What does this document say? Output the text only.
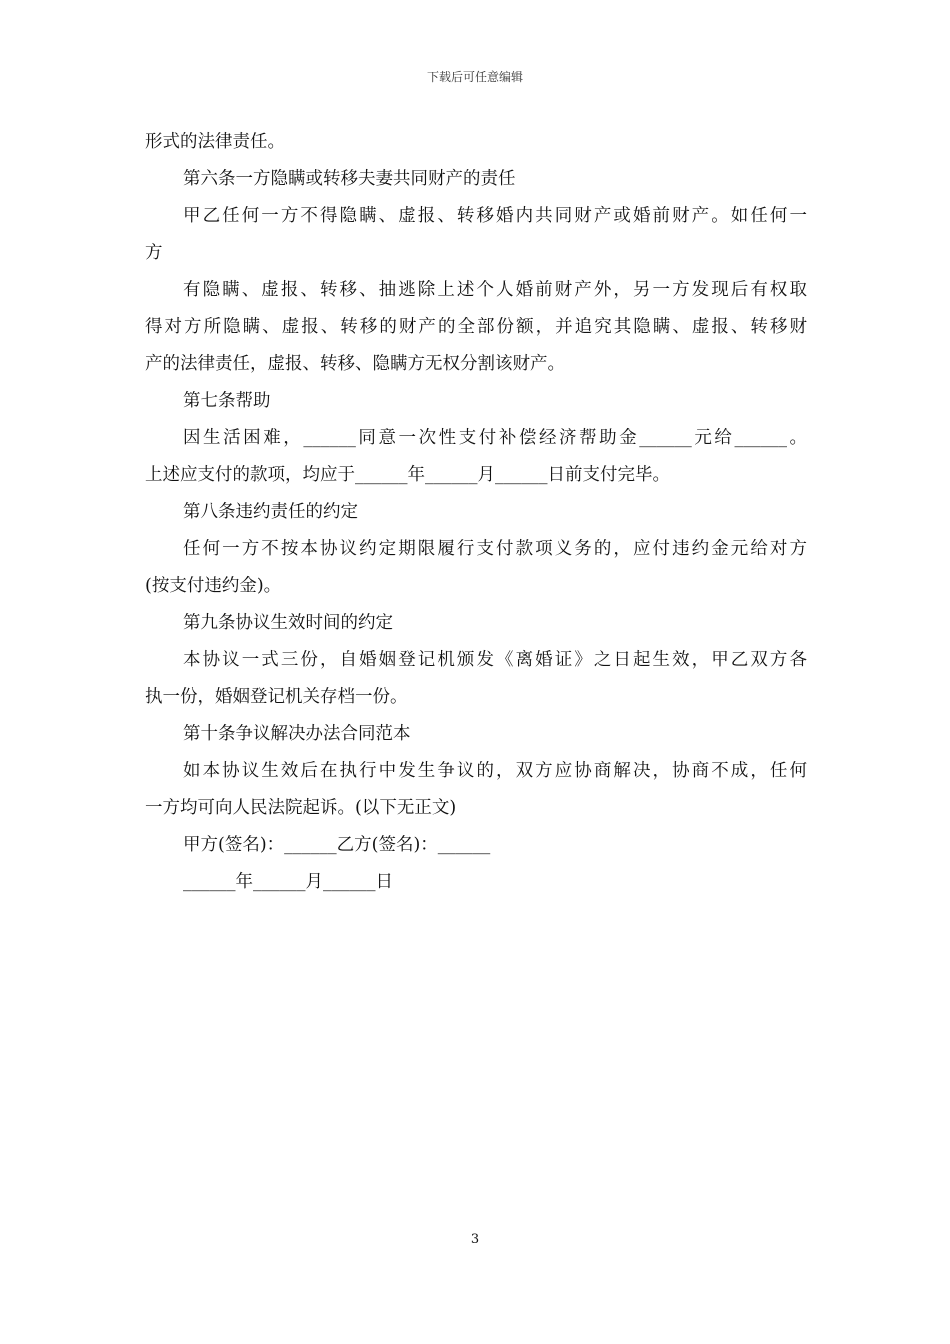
下载后可任意编辑
形式的法律责任。
第六条一方隐瞒或转移夫妻共同财产的责任
甲乙任何一方不得隐瞒、虚报、转移婚内共同财产或婚前财产。如任何一
方
有隐瞒、虚报、转移、抽逃除上述个人婚前财产外，另一方发现后有权取
得对方所隐瞒、虚报、转移的财产的全部份额，并追究其隐瞒、虚报、转移财
产的法律责任，虚报、转移、隐瞒方无权分割该财产。
第七条帮助
因生活困难，______同意一次性支付补偿经济帮助金______元给______。
上述应支付的款项，均应于______年______月______日前支付完毕。
第八条违约责任的约定
任何一方不按本协议约定期限履行支付款项义务的，应付违约金元给对方
(按支付违约金)。
第九条协议生效时间的约定
本协议一式三份，自婚姻登记机颁发《离婚证》之日起生效，甲乙双方各
执一份，婚姻登记机关存档一份。
第十条争议解决办法合同范本
如本协议生效后在执行中发生争议的，双方应协商解决，协商不成，任何
一方均可向人民法院起诉。(以下无正文)
甲方(签名)：______乙方(签名)：______
______年______月______日
3
